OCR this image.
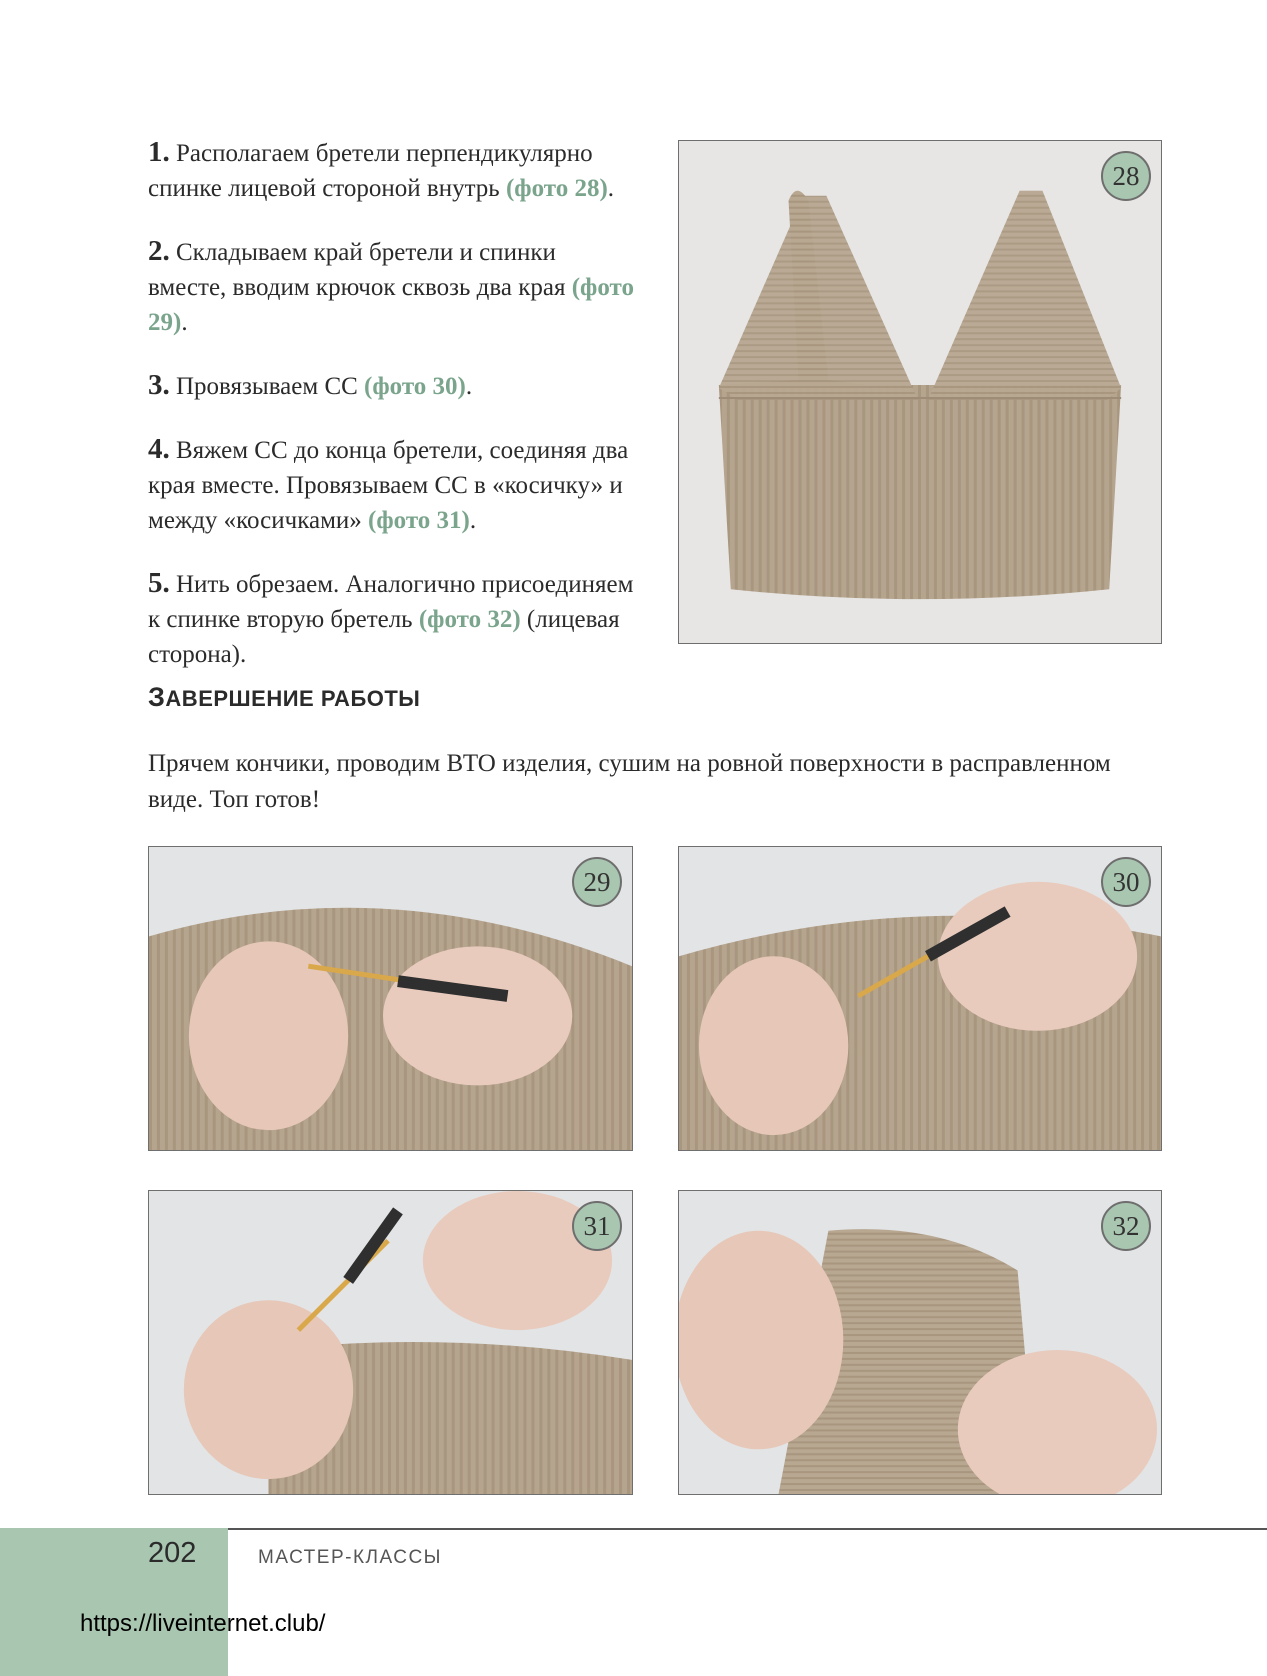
1. Располагаем бретели перпендикулярно спинке лицевой стороной внутрь (фото 28).

2. Складываем край бретели и спинки вместе, вводим крючок сквозь два края (фото 29).

3. Провязываем СС (фото 30).

4. Вяжем СС до конца бретели, соединяя два края вместе. Провязываем СС в «косичку» и между «косичками» (фото 31).

5. Нить обрезаем. Аналогично присоединяем к спинке вторую бретель (фото 32) (лицевая сторона).

28
ЗАВЕРШЕНИЕ РАБОТЫ
Прячем кончики, проводим ВТО изделия, сушим на ровной поверхности в расправленном виде. Топ готов!
29	30
31	32
202	МАСТЕР-КЛАССЫ
https://liveinternet.club/
